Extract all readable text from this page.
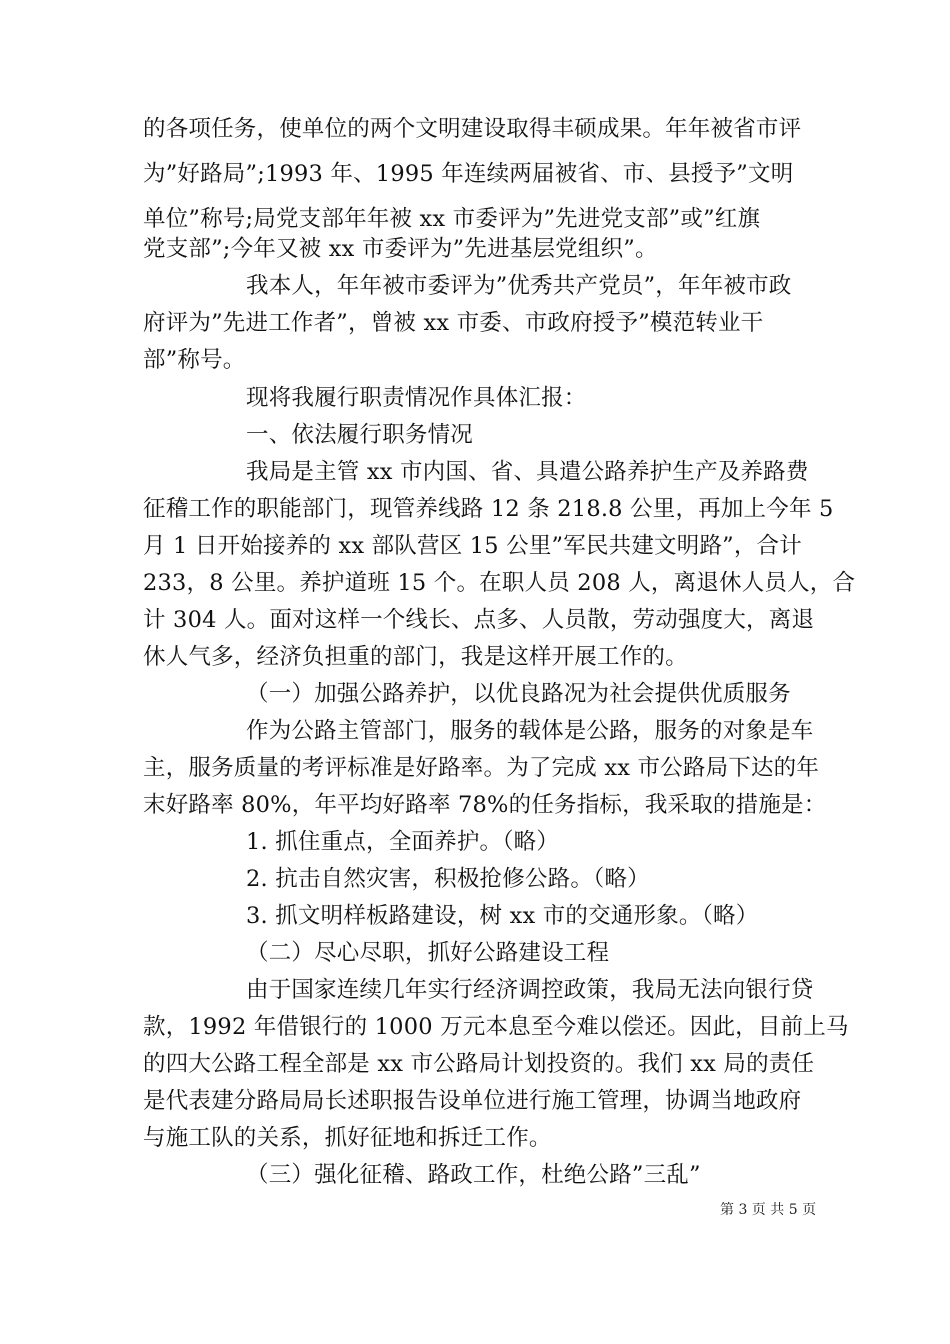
的各项任务，使单位的两个文明建设取得丰硕成果。年年被省市评
为”好路局”;1993 年、1995 年连续两届被省、市、县授予”文明
单位”称号;局党支部年年被 xx 市委评为”先进党支部”或”红旗
党支部”;今年又被 xx 市委评为”先进基层党组织”。
我本人，年年被市委评为”优秀共产党员”，年年被市政
府评为”先进工作者”，曾被 xx 市委、市政府授予”模范转业干
部”称号。
现将我履行职责情况作具体汇报：
一、依法履行职务情况
我局是主管 xx 市内国、省、具遣公路养护生产及养路费
征稽工作的职能部门，现管养线路 12 条 218.8 公里，再加上今年 5
月 1 日开始接养的 xx 部队营区 15 公里”军民共建文明路”，合计
233，8 公里。养护道班 15 个。在职人员 208 人，离退休人员人，合
计 304 人。面对这样一个线长、点多、人员散，劳动强度大，离退
休人气多，经济负担重的部门，我是这样开展工作的。
（一）加强公路养护，以优良路况为社会提供优质服务
作为公路主管部门，服务的载体是公路，服务的对象是车
主，服务质量的考评标准是好路率。为了完成 xx 市公路局下达的年
末好路率 80%，年平均好路率 78%的任务指标，我采取的措施是：
1. 抓住重点，全面养护。（略）
2. 抗击自然灾害，积极抢修公路。（略）
3. 抓文明样板路建设，树 xx 市的交通形象。（略）
（二）尽心尽职，抓好公路建设工程
由于国家连续几年实行经济调控政策，我局无法向银行贷
款，1992 年借银行的 1000 万元本息至今难以偿还。因此，目前上马
的四大公路工程全部是 xx 市公路局计划投资的。我们 xx 局的责任
是代表建分路局局长述职报告设单位进行施工管理，协调当地政府
与施工队的关系，抓好征地和拆迁工作。
（三）强化征稽、路政工作，杜绝公路”三乱”
第 3 页 共 5 页
